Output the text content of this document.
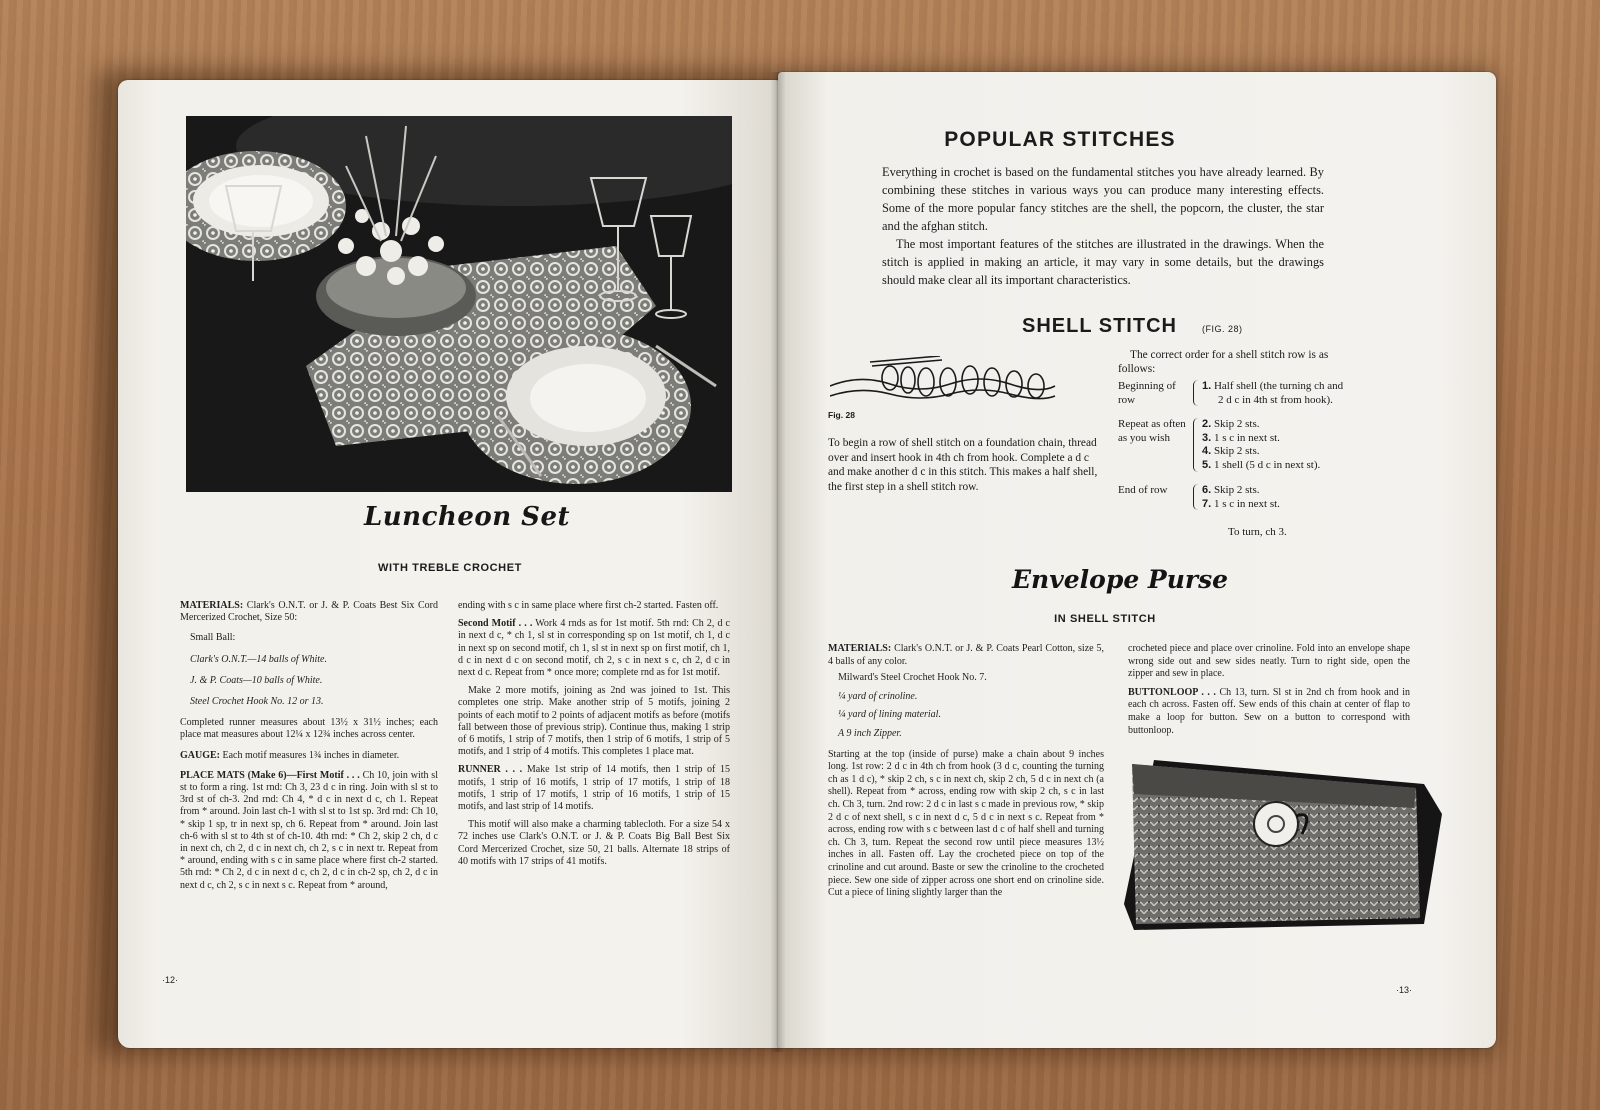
Luncheon Set
WITH TREBLE CROCHET

MATERIALS: Clark's O.N.T. or J. & P. Coats Best Six Cord Mercerized Crochet, Size 50:

Small Ball:

Clark's O.N.T.—14 balls of White.

J. & P. Coats—10 balls of White.

Steel Crochet Hook No. 12 or 13.

Completed runner measures about 13½ x 31½ inches; each place mat measures about 12¼ x 12¾ inches across center.

GAUGE: Each motif measures 1¾ inches in diameter.

PLACE MATS (Make 6)—First Motif . . . Ch 10, join with sl st to form a ring. 1st rnd: Ch 3, 23 d c in ring. Join with sl st to 3rd st of ch-3. 2nd rnd: Ch 4, * d c in next d c, ch 1. Repeat from * around. Join last ch-1 with sl st to 1st sp. 3rd rnd: Ch 10, * skip 1 sp, tr in next sp, ch 6. Repeat from * around. Join last ch-6 with sl st to 4th st of ch-10. 4th rnd: * Ch 2, skip 2 ch, d c in next ch, ch 2, d c in next ch, ch 2, s c in next tr. Repeat from * around, ending with s c in same place where first ch-2 started. 5th rnd: * Ch 2, d c in next d c, ch 2, d c in ch-2 sp, ch 2, d c in next d c, ch 2, s c in next s c. Repeat from * around,

ending with s c in same place where first ch-2 started. Fasten off.

Second Motif . . . Work 4 rnds as for 1st motif. 5th rnd: Ch 2, d c in next d c, * ch 1, sl st in corresponding sp on 1st motif, ch 1, d c in next sp on second motif, ch 1, sl st in next sp on first motif, ch 1, d c in next d c on second motif, ch 2, s c in next s c, ch 2, d c in next d c. Repeat from * once more; complete rnd as for 1st motif.

Make 2 more motifs, joining as 2nd was joined to 1st. This completes one strip. Make another strip of 5 motifs, joining 2 points of each motif to 2 points of adjacent motifs as before (motifs fall between those of previous strip). Continue thus, making 1 strip of 6 motifs, 1 strip of 7 motifs, then 1 strip of 6 motifs, 1 strip of 5 motifs, and 1 strip of 4 motifs. This completes 1 place mat.

RUNNER . . . Make 1st strip of 14 motifs, then 1 strip of 15 motifs, 1 strip of 16 motifs, 1 strip of 17 motifs, 1 strip of 18 motifs, 1 strip of 17 motifs, 1 strip of 16 motifs, 1 strip of 15 motifs, and last strip of 14 motifs.

This motif will also make a charming tablecloth. For a size 54 x 72 inches use Clark's O.N.T. or J. & P. Coats Big Ball Best Six Cord Mercerized Crochet, size 50, 21 balls. Alternate 18 strips of 40 motifs with 17 strips of 41 motifs.

·12·
POPULAR STITCHES

Everything in crochet is based on the fundamental stitches you have already learned. By combining these stitches in various ways you can produce many interesting effects. Some of the more popular fancy stitches are the shell, the popcorn, the cluster, the star and the afghan stitch.

The most important features of the stitches are illustrated in the drawings. When the stitch is applied in making an article, it may vary in some details, but the drawings should make clear all its important characteristics.

SHELL STITCH	(FIG. 28)
Fig. 28
To begin a row of shell stitch on a foundation chain, thread over and insert hook in 4th ch from hook. Complete a d c and make another d c in this stitch. This makes a half shell, the first step in a shell stitch row.
The correct order for a shell stitch row is as
follows:
Beginning of row
1. Half shell (the turning ch and
2 d c in 4th st from hook).
Repeat as often as you wish
2. Skip 2 sts.
3. 1 s c in next st.
4. Skip 2 sts.
5. 1 shell (5 d c in next st).
End of row	6. Skip 2 sts.
7. 1 s c in next st.
To turn, ch 3.
Envelope Purse
IN SHELL STITCH

MATERIALS: Clark's O.N.T. or J. & P. Coats Pearl Cotton, size 5, 4 balls of any color.

Milward's Steel Crochet Hook No. 7.

¼ yard of crinoline.

¼ yard of lining material.

A 9 inch Zipper.

Starting at the top (inside of purse) make a chain about 9 inches long. 1st row: 2 d c in 4th ch from hook (3 d c, counting the turning ch as 1 d c), * skip 2 ch, s c in next ch, skip 2 ch, 5 d c in next ch (a shell). Repeat from * across, ending row with skip 2 ch, s c in last ch. Ch 3, turn. 2nd row: 2 d c in last s c made in previous row, * skip 2 d c of next shell, s c in next d c, 5 d c in next s c. Repeat from * across, ending row with s c between last d c of half shell and turning ch. Ch 3, turn. Repeat the second row until piece measures 13½ inches in all. Fasten off. Lay the crocheted piece on top of the crinoline and cut around. Baste or sew the crinoline to the crocheted piece. Sew one side of zipper across one short end on crinoline side. Cut a piece of lining slightly larger than the

crocheted piece and place over crinoline. Fold into an envelope shape wrong side out and sew sides neatly. Turn to right side, open the zipper and sew in place.

BUTTONLOOP . . . Ch 13, turn. Sl st in 2nd ch from hook and in each ch across. Fasten off. Sew ends of this chain at center of flap to make a loop for button. Sew on a button to correspond with buttonloop.

·13·
